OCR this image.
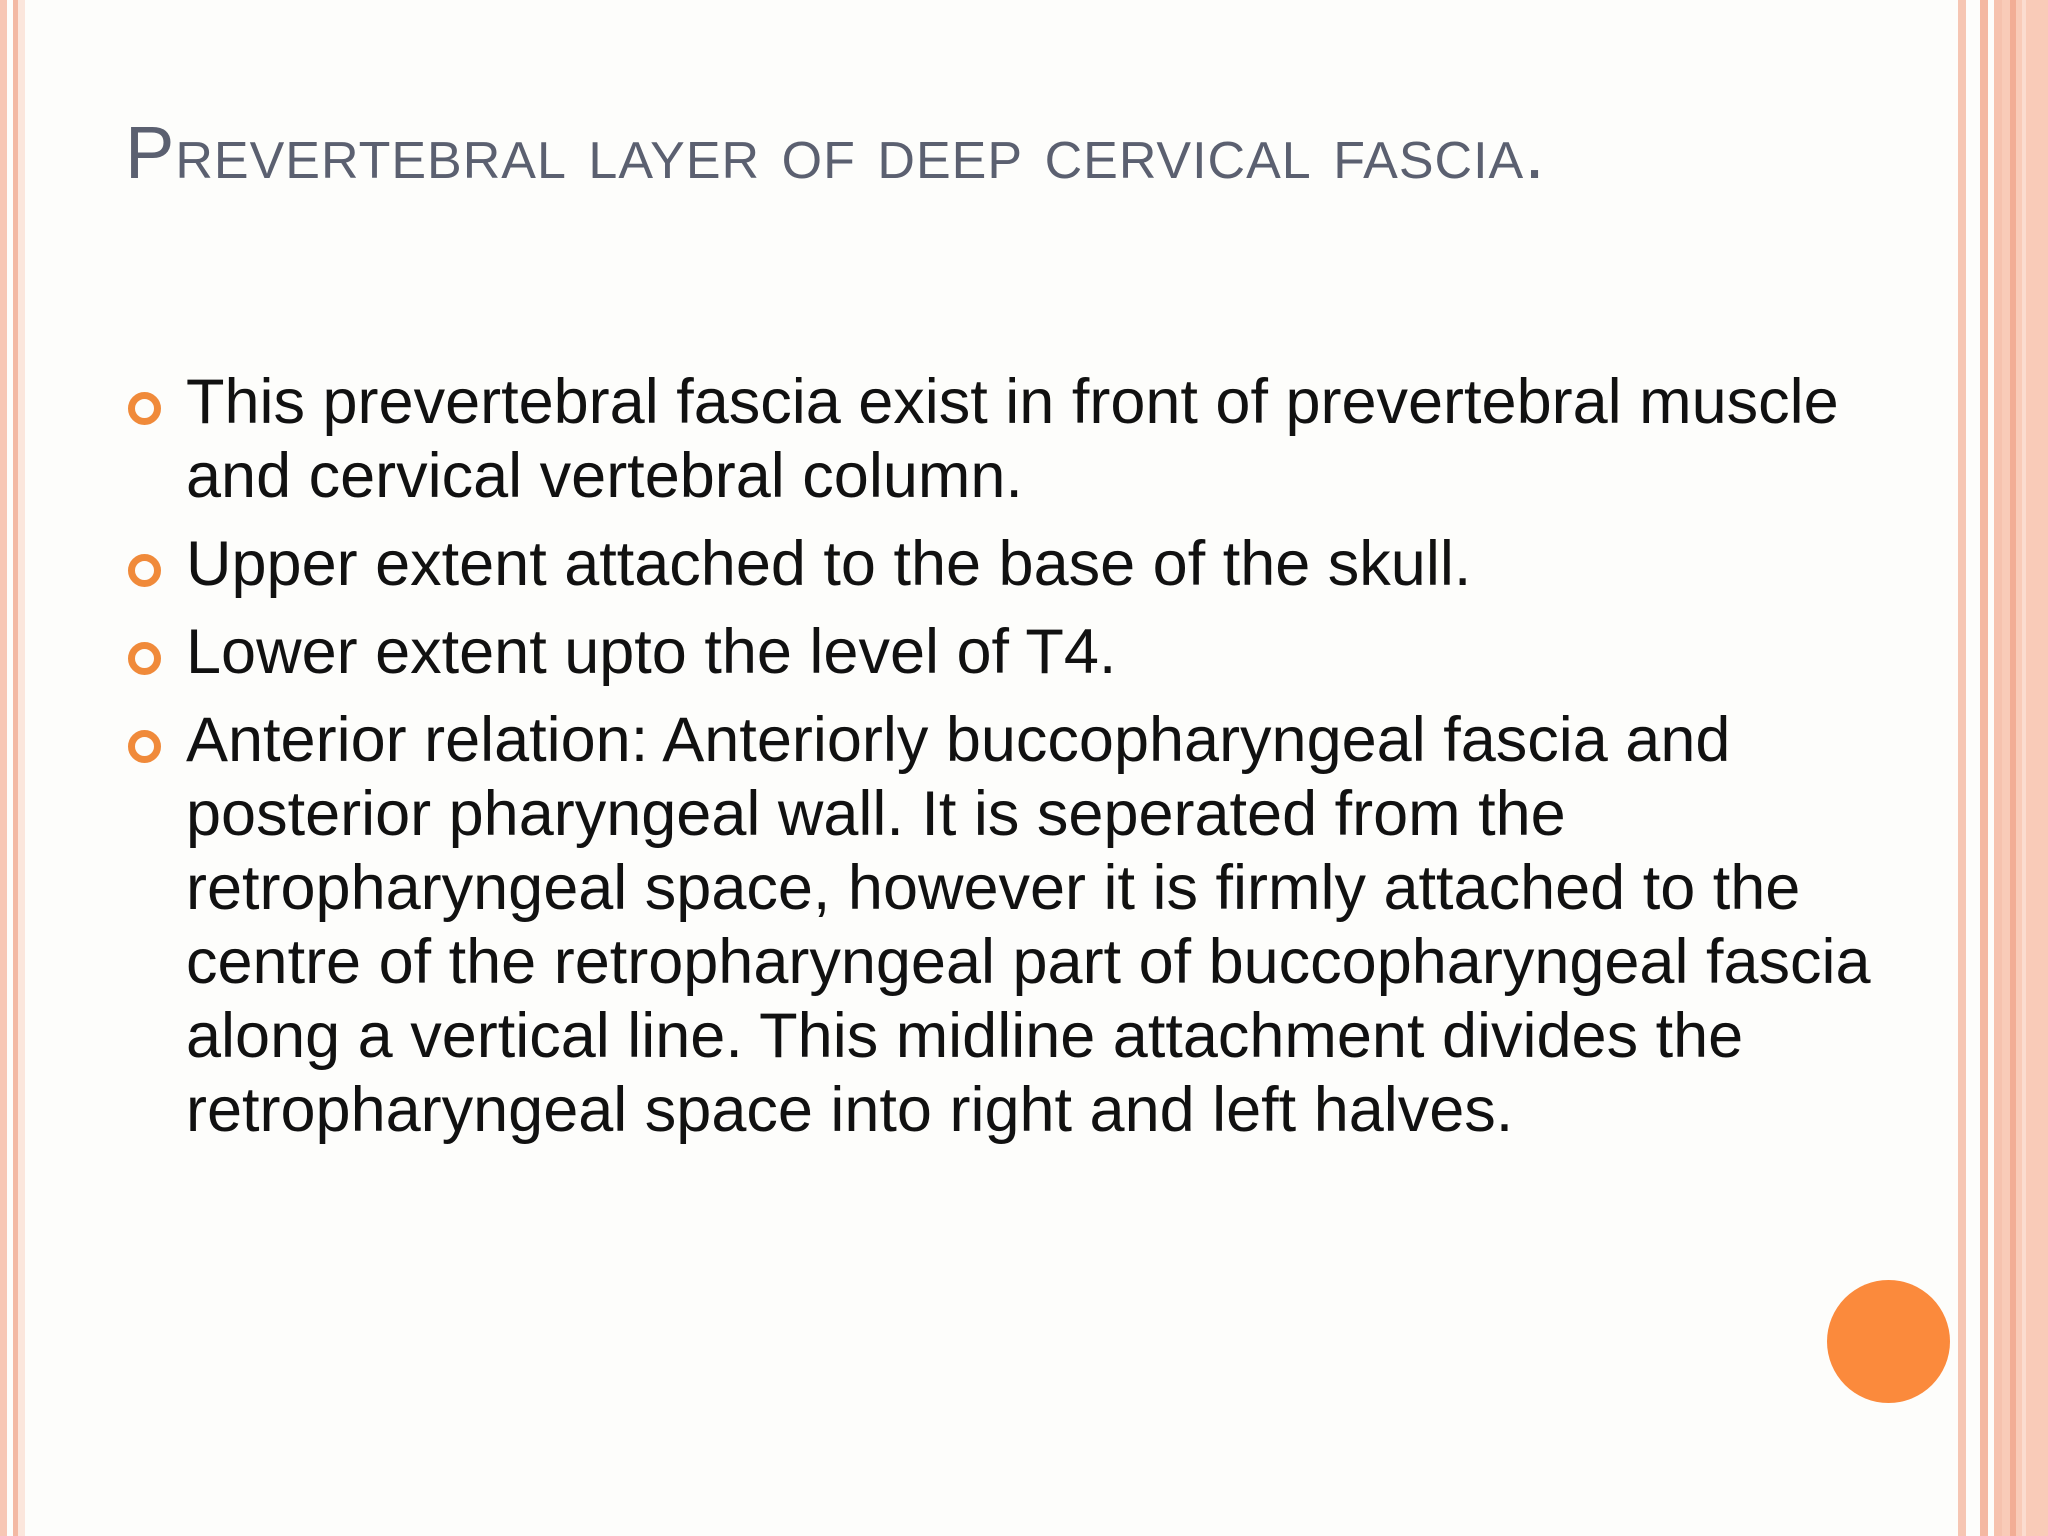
Prevertebral layer of deep cervical fascia.
This prevertebral fascia exist in front of prevertebral muscle and cervical vertebral column.
Upper extent attached to the base of the skull.
Lower extent upto the level of T4.
Anterior relation: Anteriorly buccopharyngeal fascia and posterior pharyngeal wall. It is seperated from the retropharyngeal space, however it is firmly attached to the centre of the retropharyngeal part of buccopharyngeal fascia along a vertical line. This midline attachment divides the retropharyngeal space into right and left halves.
